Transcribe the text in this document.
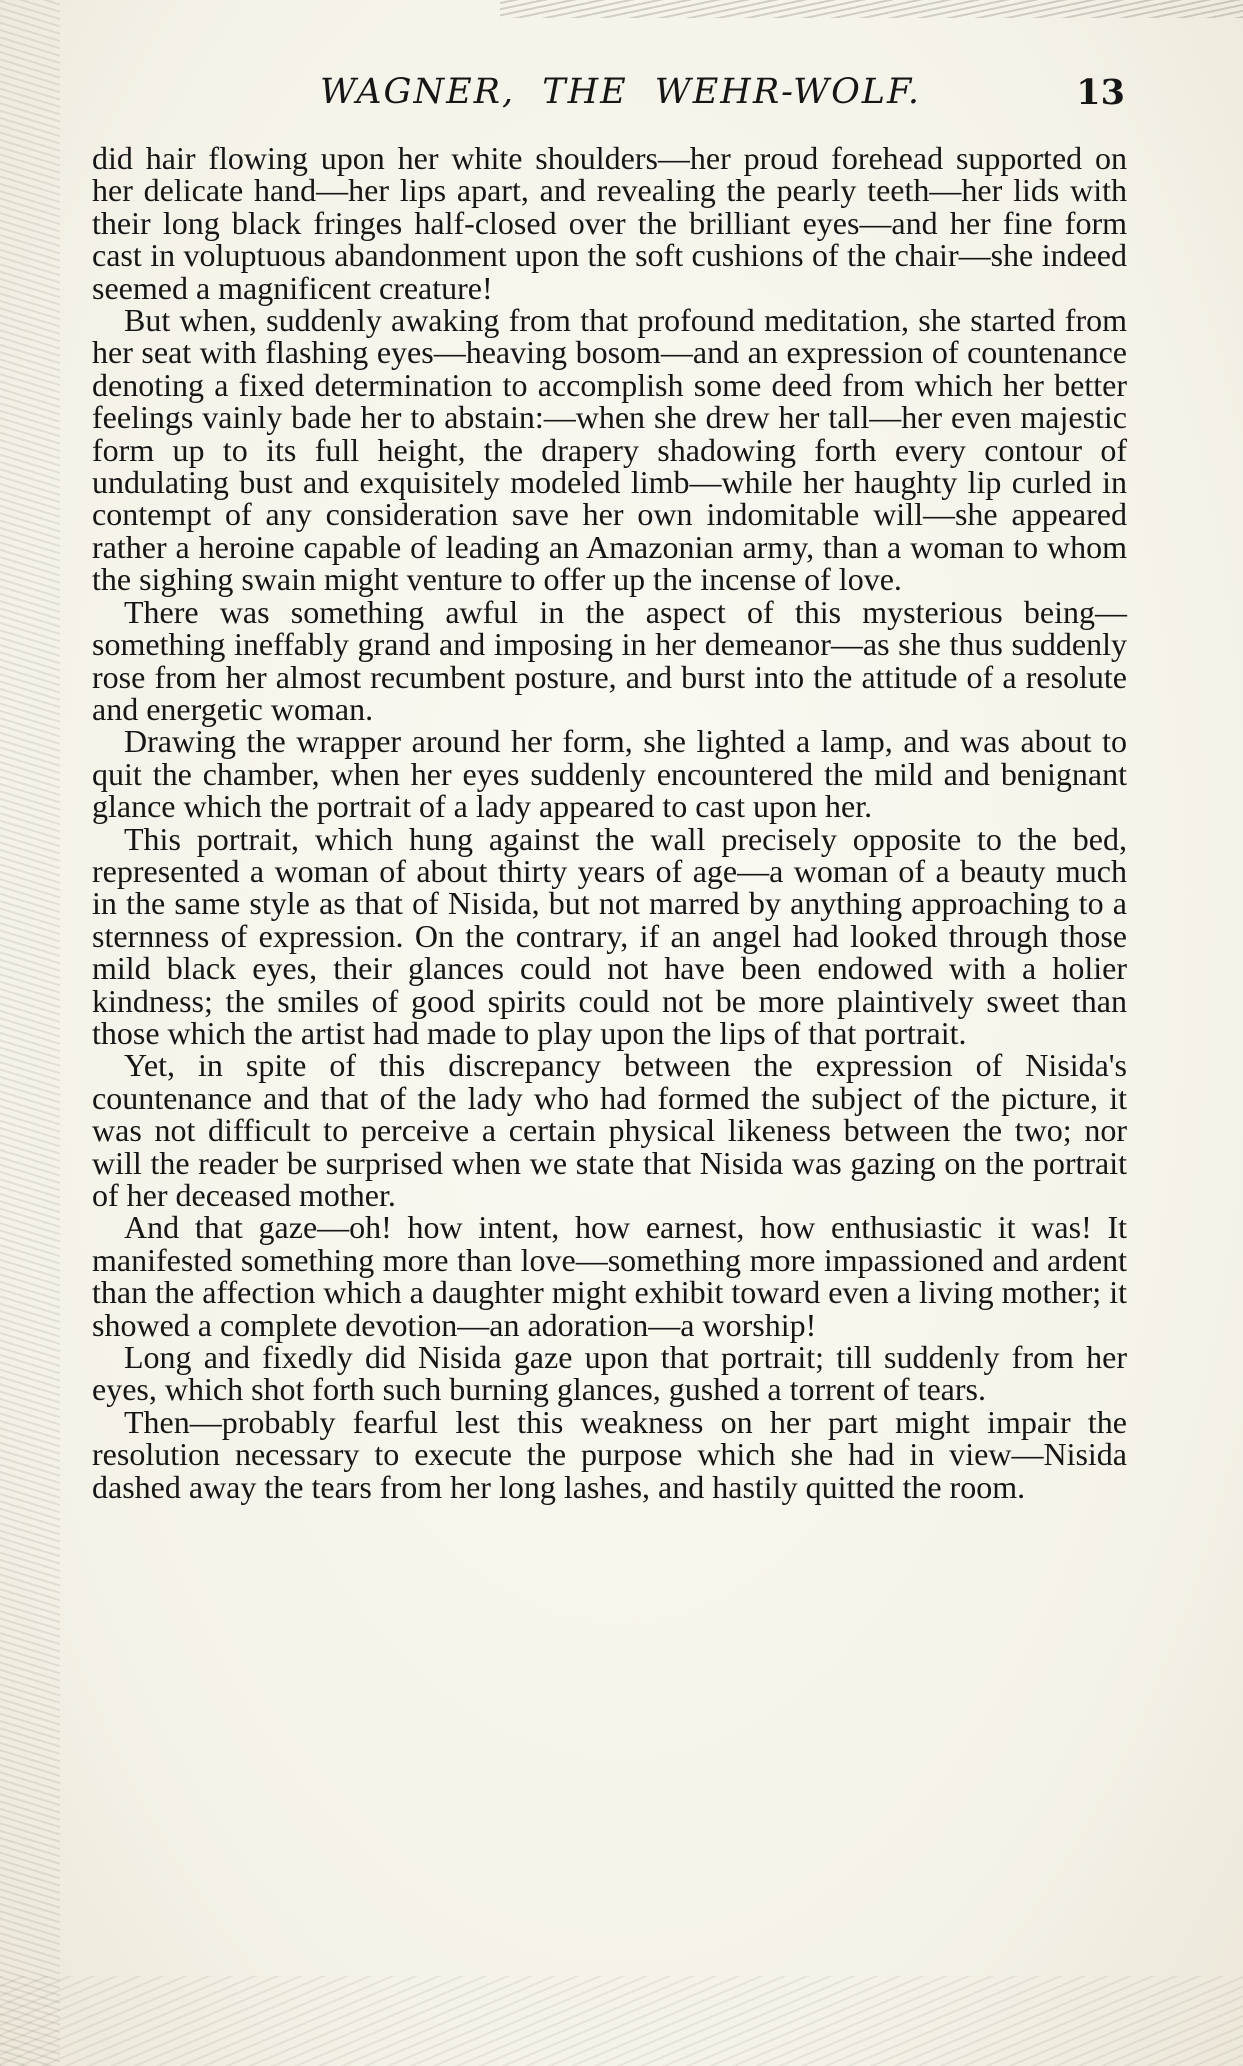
WAGNER, THE WEHR-WOLF.	13

did hair flowing upon her white shoulders—her proud forehead supported on her delicate hand—her lips apart, and revealing the pearly teeth—her lids with their long black fringes half-closed over the brilliant eyes—and her fine form cast in voluptuous abandonment upon the soft cushions of the chair—she indeed seemed a magnificent creature!

But when, suddenly awaking from that profound meditation, she started from her seat with flashing eyes—heaving bosom—and an expression of countenance denoting a fixed determination to accomplish some deed from which her better feelings vainly bade her to abstain:—when she drew her tall—her even majestic form up to its full height, the drapery shadowing forth every contour of undulating bust and exquisitely modeled limb—while her haughty lip curled in contempt of any consideration save her own indomitable will—she appeared rather a heroine capable of leading an Amazonian army, than a woman to whom the sighing swain might venture to offer up the incense of love.

There was something awful in the aspect of this mysterious being—something ineffably grand and imposing in her demeanor—as she thus suddenly rose from her almost recumbent posture, and burst into the attitude of a resolute and energetic woman.

Drawing the wrapper around her form, she lighted a lamp, and was about to quit the chamber, when her eyes suddenly encountered the mild and benignant glance which the portrait of a lady appeared to cast upon her.

This portrait, which hung against the wall precisely opposite to the bed, represented a woman of about thirty years of age—a woman of a beauty much in the same style as that of Nisida, but not marred by anything approaching to a sternness of expression. On the contrary, if an angel had looked through those mild black eyes, their glances could not have been endowed with a holier kindness; the smiles of good spirits could not be more plaintively sweet than those which the artist had made to play upon the lips of that portrait.

Yet, in spite of this discrepancy between the expression of Nisida's countenance and that of the lady who had formed the subject of the picture, it was not difficult to perceive a certain physical likeness between the two; nor will the reader be surprised when we state that Nisida was gazing on the portrait of her deceased mother.

And that gaze—oh! how intent, how earnest, how enthusiastic it was! It manifested something more than love—something more impassioned and ardent than the affection which a daughter might exhibit toward even a living mother; it showed a complete devotion—an adoration—a worship!

Long and fixedly did Nisida gaze upon that portrait; till suddenly from her eyes, which shot forth such burning glances, gushed a torrent of tears.

Then—probably fearful lest this weakness on her part might impair the resolution necessary to execute the purpose which she had in view—Nisida dashed away the tears from her long lashes, and hastily quitted the room.
